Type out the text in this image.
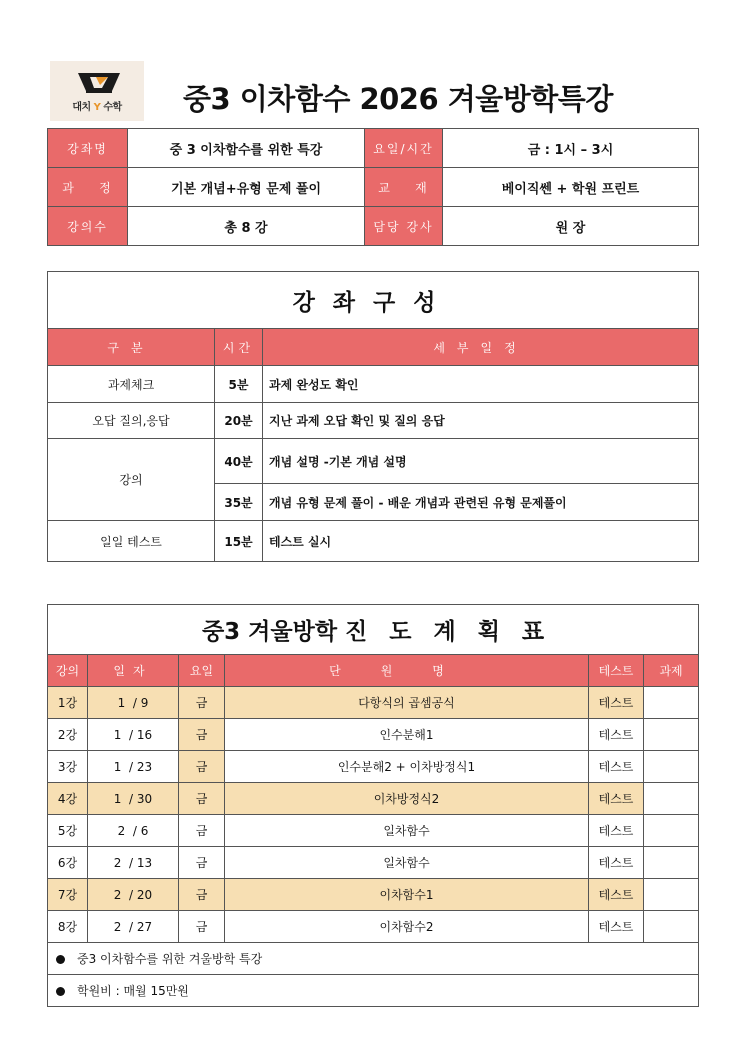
대치 Y 수학	중3 이차함수 2026 겨울방학특강
강좌명	중 3 이차함수를 위한 특강	요일/시간	금 : 1시 – 3시
과    정	기본 개념+유형 문제 풀이	교    재	베이직쎈 + 학원 프린트
강의수	총 8 강	담당 강사	원 장
강좌구성		
구분	시간	세부일정
과제체크	5분	과제 완성도 확인
오답 질의,응답	20분	지난 과제 오답 확인 및 질의 응답
강의	40분	개념 설명 -기본 개념 설명
	35분	개념 유형 문제 풀이 - 배운 개념과 관련된 유형 문제풀이
일일 테스트	15분	테스트 실시
중3 겨울방학 진도계획표					
강의	일자	요일	단원명	테스트	과제
1강	1  / 9	금	다항식의 곱셈공식	테스트	
2강	1  / 16	금	인수분해1	테스트	
3강	1  / 23	금	인수분해2 + 이차방정식1	테스트	
4강	1  / 30	금	이차방정식2	테스트	
5강	2  / 6	금	일차함수	테스트	
6강	2  / 13	금	일차함수	테스트	
7강	2  / 20	금	이차함수1	테스트	
8강	2  / 27	금	이차함수2	테스트	
중3 이차함수를 위한 겨울방학 특강					
학원비 : 매월 15만원					
